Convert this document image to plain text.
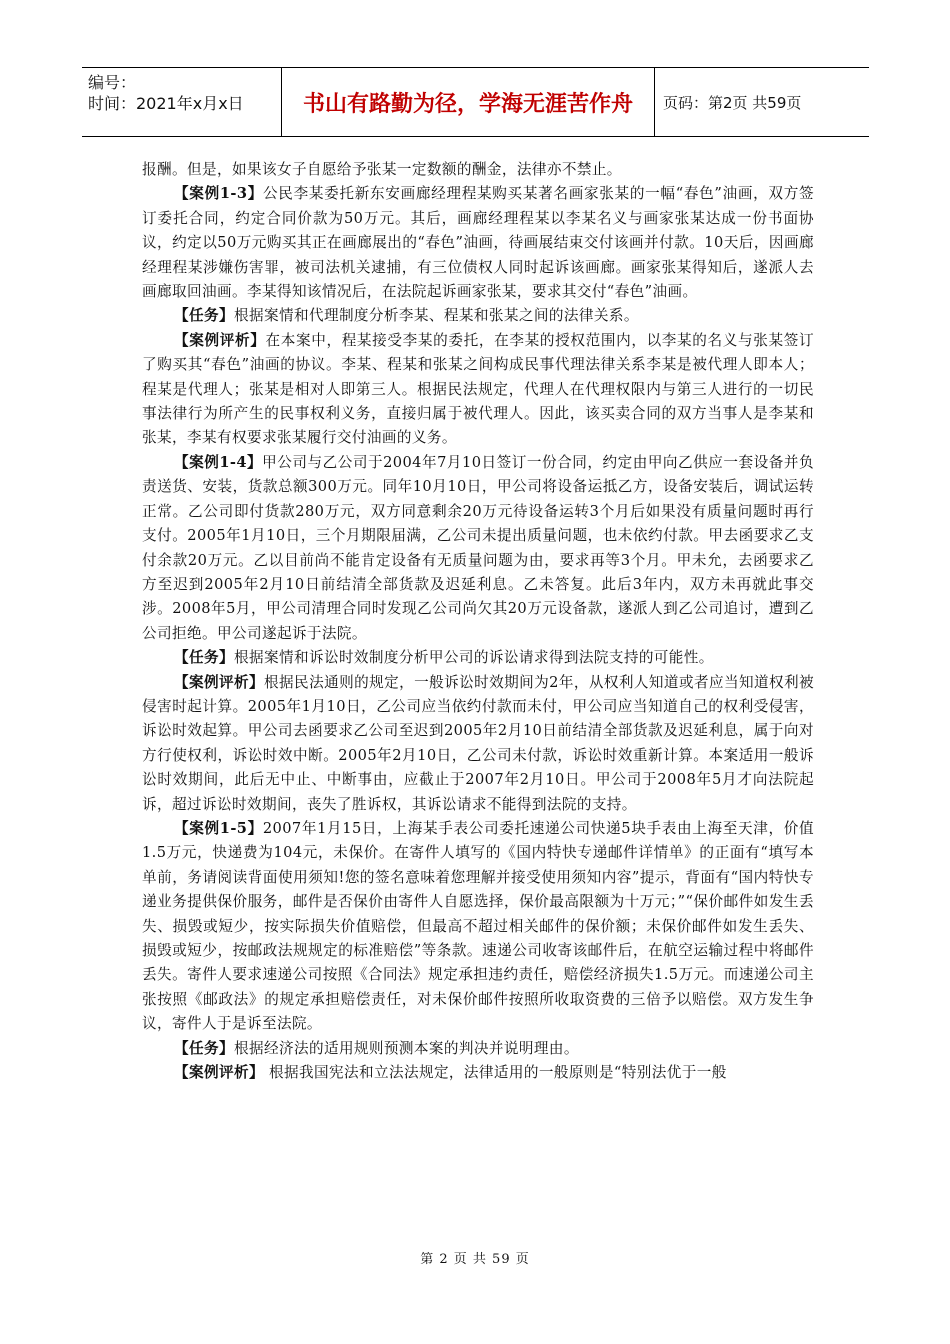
编号：
时间：2021年x月x日	书山有路勤为径，学海无涯苦作舟	页码：第2页 共59页

报酬。但是，如果该女子自愿给予张某一定数额的酬金，法律亦不禁止。

【案例1-3】公民李某委托新东安画廊经理程某购买某著名画家张某的一幅“春色”油画，双方签订委托合同，约定合同价款为50万元。其后，画廊经理程某以李某名义与画家张某达成一份书面协议，约定以50万元购买其正在画廊展出的“春色”油画，待画展结束交付该画并付款。10天后，因画廊经理程某涉嫌伤害罪，被司法机关逮捕，有三位债权人同时起诉该画廊。画家张某得知后，遂派人去画廊取回油画。李某得知该情况后，在法院起诉画家张某，要求其交付“春色”油画。

【任务】根据案情和代理制度分析李某、程某和张某之间的法律关系。

【案例评析】在本案中，程某接受李某的委托，在李某的授权范围内，以李某的名义与张某签订了购买其“春色”油画的协议。李某、程某和张某之间构成民事代理法律关系李某是被代理人即本人；程某是代理人；张某是相对人即第三人。根据民法规定，代理人在代理权限内与第三人进行的一切民事法律行为所产生的民事权利义务，直接归属于被代理人。因此，该买卖合同的双方当事人是李某和张某，李某有权要求张某履行交付油画的义务。

【案例1-4】甲公司与乙公司于2004年7月10日签订一份合同，约定由甲向乙供应一套设备并负责送货、安装，货款总额300万元。同年10月10日，甲公司将设备运抵乙方，设备安装后，调试运转正常。乙公司即付货款280万元，双方同意剩余20万元待设备运转3个月后如果没有质量问题时再行支付。2005年1月10日，三个月期限届满，乙公司未提出质量问题，也未依约付款。甲去函要求乙支付余款20万元。乙以目前尚不能肯定设备有无质量问题为由，要求再等3个月。甲未允，去函要求乙方至迟到2005年2月10日前结清全部货款及迟延利息。乙未答复。此后3年内，双方未再就此事交涉。2008年5月，甲公司清理合同时发现乙公司尚欠其20万元设备款，遂派人到乙公司追讨，遭到乙公司拒绝。甲公司遂起诉于法院。

【任务】根据案情和诉讼时效制度分析甲公司的诉讼请求得到法院支持的可能性。

【案例评析】根据民法通则的规定，一般诉讼时效期间为2年，从权利人知道或者应当知道权利被侵害时起计算。2005年1月10日，乙公司应当依约付款而未付，甲公司应当知道自己的权利受侵害，诉讼时效起算。甲公司去函要求乙公司至迟到2005年2月10日前结清全部货款及迟延利息，属于向对方行使权利，诉讼时效中断。2005年2月10日，乙公司未付款，诉讼时效重新计算。本案适用一般诉讼时效期间，此后无中止、中断事由，应截止于2007年2月10日。甲公司于2008年5月才向法院起诉，超过诉讼时效期间，丧失了胜诉权，其诉讼请求不能得到法院的支持。

【案例1-5】2007年1月15日，上海某手表公司委托速递公司快递5块手表由上海至天津，价值1.5万元，快递费为104元，未保价。在寄件人填写的《国内特快专递邮件详情单》的正面有“填写本单前，务请阅读背面使用须知!您的签名意味着您理解并接受使用须知内容”提示，背面有“国内特快专递业务提供保价服务，邮件是否保价由寄件人自愿选择，保价最高限额为十万元；”“保价邮件如发生丢失、损毁或短少，按实际损失价值赔偿，但最高不超过相关邮件的保价额；未保价邮件如发生丢失、损毁或短少，按邮政法规规定的标准赔偿”等条款。速递公司收寄该邮件后，在航空运输过程中将邮件丢失。寄件人要求速递公司按照《合同法》规定承担违约责任，赔偿经济损失1.5万元。而速递公司主张按照《邮政法》的规定承担赔偿责任，对未保价邮件按照所收取资费的三倍予以赔偿。双方发生争议，寄件人于是诉至法院。

【任务】根据经济法的适用规则预测本案的判决并说明理由。

【案例评析】 根据我国宪法和立法法规定，法律适用的一般原则是“特别法优于一般

第 2 页 共 59 页
